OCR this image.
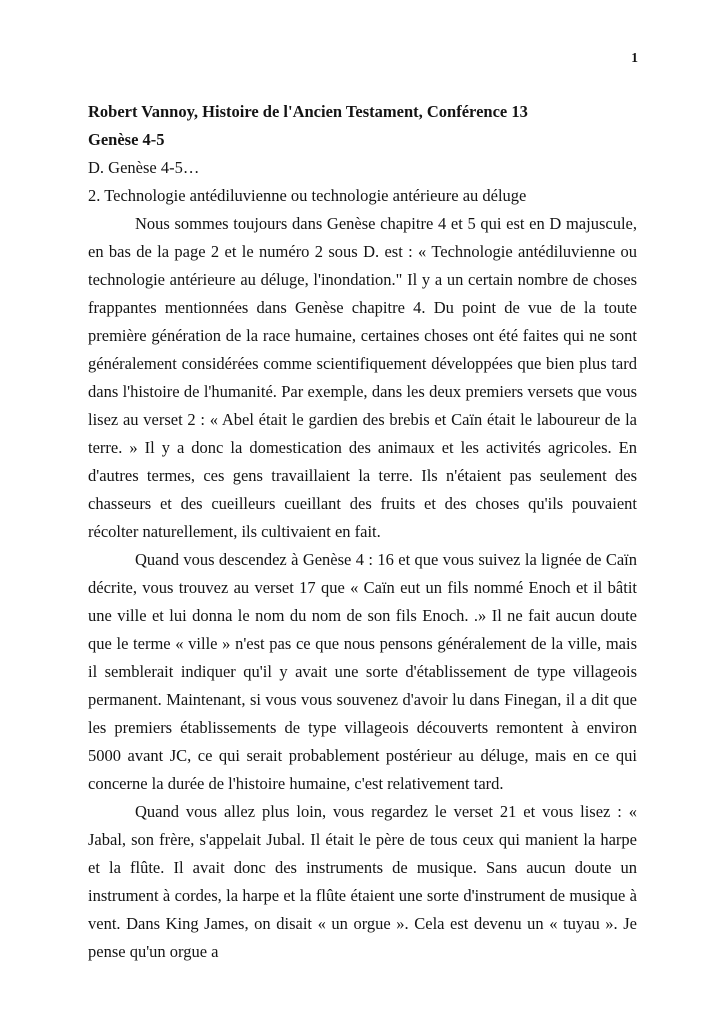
1
Robert Vannoy, Histoire de l'Ancien Testament, Conférence 13
Genèse 4-5
D. Genèse 4-5…
2. Technologie antédiluvienne ou technologie antérieure au déluge

Nous sommes toujours dans Genèse chapitre 4 et 5 qui est en D majuscule, en bas de la page 2 et le numéro 2 sous D. est : « Technologie antédiluvienne ou technologie antérieure au déluge, l'inondation." Il y a un certain nombre de choses frappantes mentionnées dans Genèse chapitre 4. Du point de vue de la toute première génération de la race humaine, certaines choses ont été faites qui ne sont généralement considérées comme scientifiquement développées que bien plus tard dans l'histoire de l'humanité. Par exemple, dans les deux premiers versets que vous lisez au verset 2 : « Abel était le gardien des brebis et Caïn était le laboureur de la terre. » Il y a donc la domestication des animaux et les activités agricoles. En d'autres termes, ces gens travaillaient la terre. Ils n'étaient pas seulement des chasseurs et des cueilleurs cueillant des fruits et des choses qu'ils pouvaient récolter naturellement, ils cultivaient en fait.

Quand vous descendez à Genèse 4 : 16 et que vous suivez la lignée de Caïn décrite, vous trouvez au verset 17 que « Caïn eut un fils nommé Enoch et il bâtit une ville et lui donna le nom du nom de son fils Enoch. .» Il ne fait aucun doute que le terme « ville » n'est pas ce que nous pensons généralement de la ville, mais il semblerait indiquer qu'il y avait une sorte d'établissement de type villageois permanent. Maintenant, si vous vous souvenez d'avoir lu dans Finegan, il a dit que les premiers établissements de type villageois découverts remontent à environ 5000 avant JC, ce qui serait probablement postérieur au déluge, mais en ce qui concerne la durée de l'histoire humaine, c'est relativement tard.

Quand vous allez plus loin, vous regardez le verset 21 et vous lisez : « Jabal, son frère, s'appelait Jubal. Il était le père de tous ceux qui manient la harpe et la flûte. Il avait donc des instruments de musique. Sans aucun doute un instrument à cordes, la harpe et la flûte étaient une sorte d'instrument de musique à vent. Dans King James, on disait « un orgue ». Cela est devenu un « tuyau ». Je pense qu'un orgue a
